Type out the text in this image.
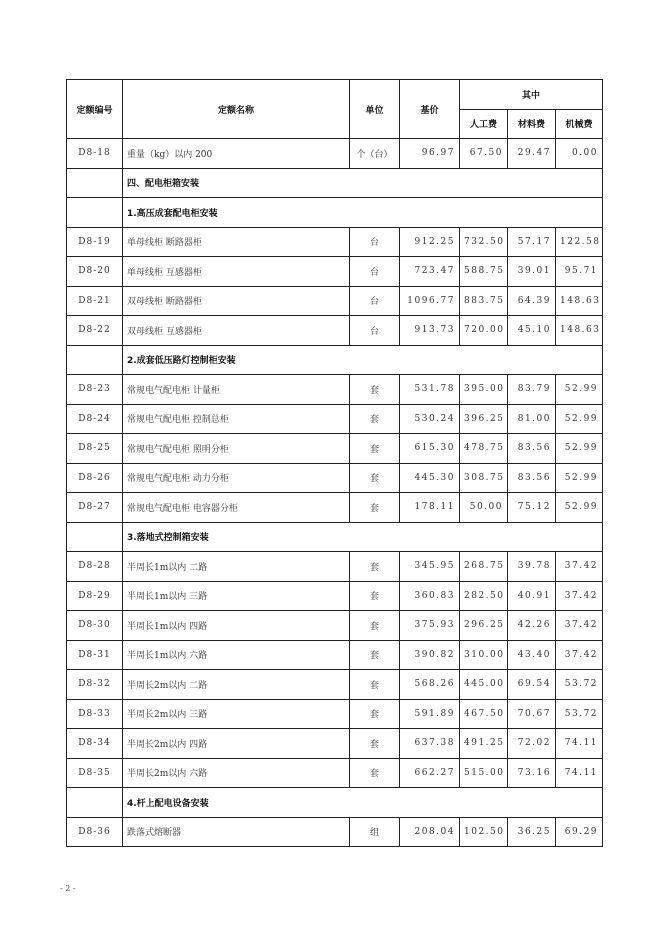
定额编号	定额名称	单位	基价	其中		
				人工费	材料费	机械费
D8-18	重量（kg）以内 200	个（台）	96.97	67.50	29.47	0.00
	四、配电柜箱安装					
	1.高压成套配电柜安装					
D8-19	单母线柜 断路器柜	台	912.25	732.50	57.17	122.58
D8-20	单母线柜 互感器柜	台	723.47	588.75	39.01	95.71
D8-21	双母线柜 断路器柜	台	1096.77	883.75	64.39	148.63
D8-22	双母线柜 互感器柜	台	913.73	720.00	45.10	148.63
	2.成套低压路灯控制柜安装					
D8-23	常规电气配电柜 计量柜	套	531.78	395.00	83.79	52.99
D8-24	常规电气配电柜 控制总柜	套	530.24	396.25	81.00	52.99
D8-25	常规电气配电柜 照明分柜	套	615.30	478.75	83.56	52.99
D8-26	常规电气配电柜 动力分柜	套	445.30	308.75	83.56	52.99
D8-27	常规电气配电柜 电容器分柜	套	178.11	50.00	75.12	52.99
	3.落地式控制箱安装					
D8-28	半周长1m以内 二路	套	345.95	268.75	39.78	37.42
D8-29	半周长1m以内 三路	套	360.83	282.50	40.91	37.42
D8-30	半周长1m以内 四路	套	375.93	296.25	42.26	37.42
D8-31	半周长1m以内 六路	套	390.82	310.00	43.40	37.42
D8-32	半周长2m以内 二路	套	568.26	445.00	69.54	53.72
D8-33	半周长2m以内 三路	套	591.89	467.50	70.67	53.72
D8-34	半周长2m以内 四路	套	637.38	491.25	72.02	74.11
D8-35	半周长2m以内 六路	套	662.27	515.00	73.16	74.11
	4.杆上配电设备安装					
D8-36	跌落式熔断器	组	208.04	102.50	36.25	69.29
- 2 -
